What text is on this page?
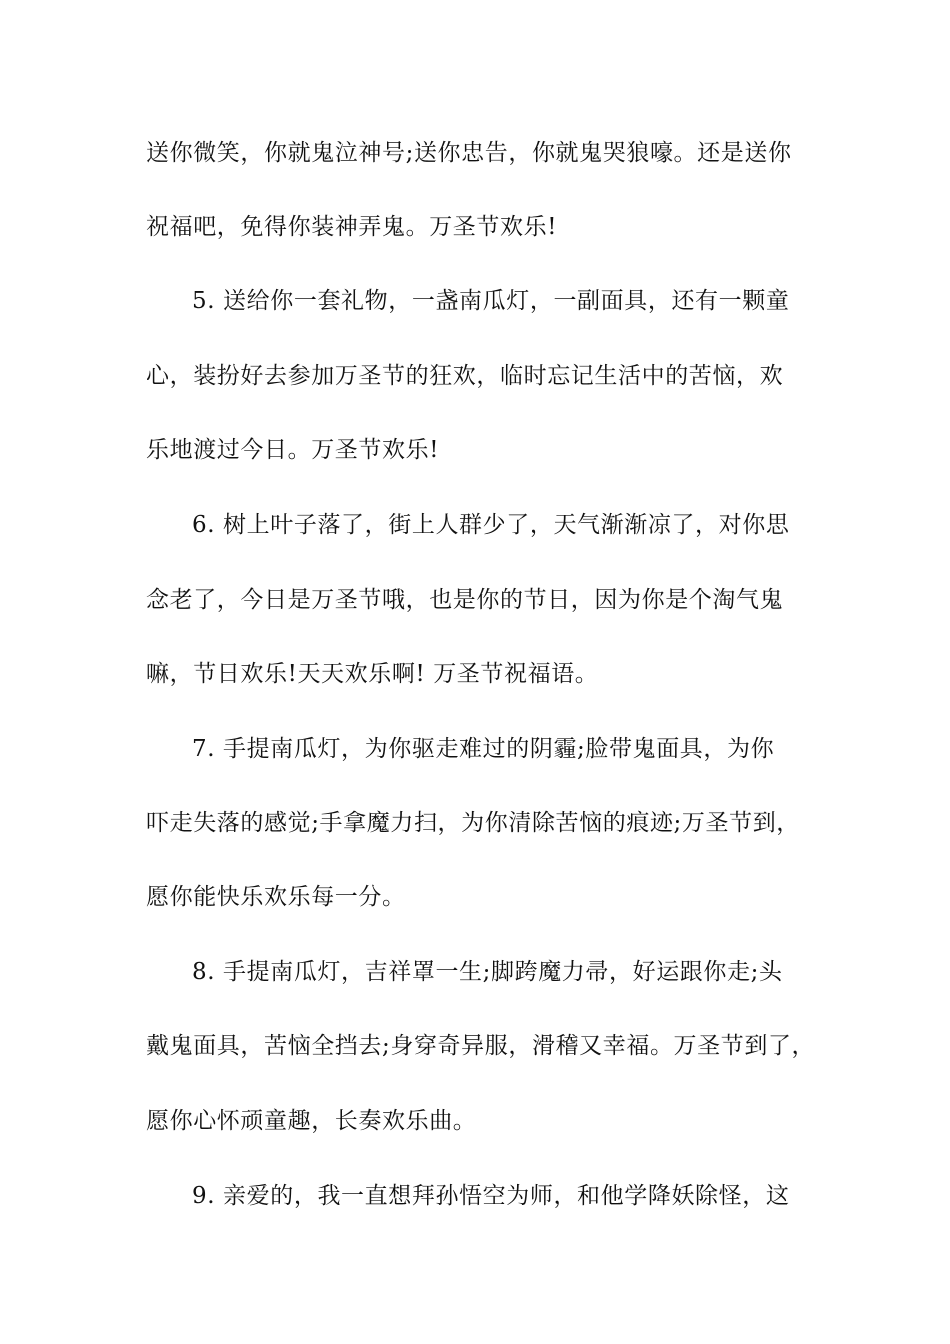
送你微笑，你就鬼泣神号;送你忠告，你就鬼哭狼嚎。还是送你
祝福吧，免得你装神弄鬼。万圣节欢乐!
5. 送给你一套礼物，一盏南瓜灯，一副面具，还有一颗童
心，装扮好去参加万圣节的狂欢，临时忘记生活中的苦恼，欢
乐地渡过今日。万圣节欢乐!
6. 树上叶子落了，街上人群少了，天气渐渐凉了，对你思
念老了，今日是万圣节哦，也是你的节日，因为你是个淘气鬼
嘛，节日欢乐!天天欢乐啊! 万圣节祝福语。
7. 手提南瓜灯，为你驱走难过的阴霾;脸带鬼面具，为你
吓走失落的感觉;手拿魔力扫，为你清除苦恼的痕迹;万圣节到，
愿你能快乐欢乐每一分。
8. 手提南瓜灯，吉祥罩一生;脚跨魔力帚，好运跟你走;头
戴鬼面具，苦恼全挡去;身穿奇异服，滑稽又幸福。万圣节到了，
愿你心怀顽童趣，长奏欢乐曲。
9. 亲爱的，我一直想拜孙悟空为师，和他学降妖除怪，这
